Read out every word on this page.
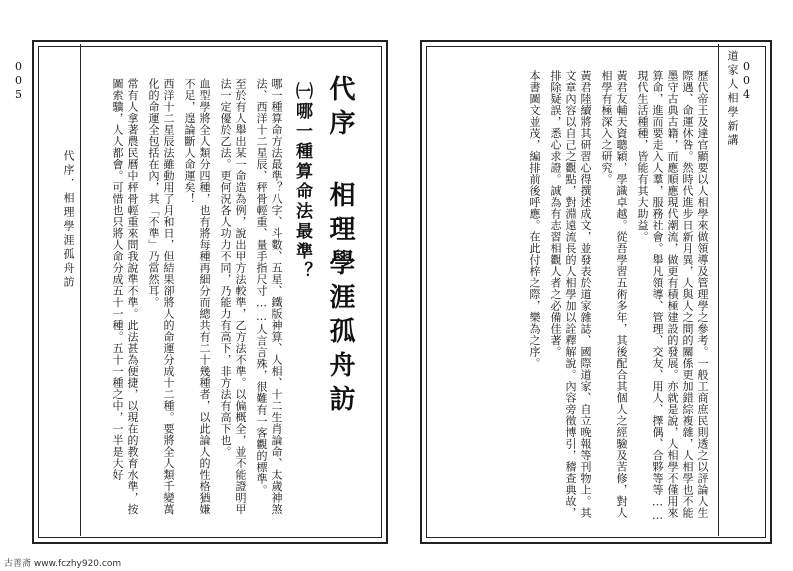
005
代序．相理學涯孤舟訪	代序 相理學涯孤舟訪
㈠哪一種算命法最準？

哪一種算命方法最準？八字、斗數、五星、鐵版神算、人相、十二生肖論命、太歲神煞法、西洋十二星辰、秤骨輕重、量手指尺寸……人言言殊，很難有一客觀的標準。

至於有人舉出某一命造為例，說出甲方法較準，乙方法不準。以偏概全，並不能證明甲法一定優於乙法。更何況各人功力不同，乃能力有高下，非方法有高下也。

血型學將全人類分四種，也有將每種再細分而總共有二十幾種者，以此論人的性格猶嫌不足，遑論斷人命運矣！

西洋十二星辰法雖動用了月和日，但結果卻將人的命運分成十二種。要將全人類千變萬化的命運全包括在內，其「不準」乃當然耳。

常有人拿著農民曆中秤骨輕重來問我說準不準。此法甚為便捷，以現在的教育水準，按圖索驥，人人都會。可惜也只將人命分成五十一種。五十一種之中，一半是大好	004
道家人相學新講

歷代帝王及達官顯要以人相學來做領導及管理學之參考。一般工商庶民則透之以評論人生際遇、命運休咎。然時代進步日新月異，人與人之間的關係更加錯綜複雜，人相學也不能墨守古典古籍，而應順應現代潮流，做更有積極建設的發展。亦就是說，人相學不僅用來算命，進而要走入人羣，服務社會。舉凡領導、管理、交友、用人、擇偶、合夥等等……現代生活種種，皆能有其大助益。

黃君友輔天資聰穎，學識卓越。從吾學習五術多年，其後配合其個人之經驗及苦修，對人相學有極深入之研究。

黃君陸續將其研習心得撰述成文，並發表於道家雜誌、國際道家、自立晚報等刊物上。其文章內容以自己之觀點，對淵遠流長的人相學加以詮釋解說。內容旁徵博引，稽查典故，排除疑誤，悉心求證。誠為有志習相觀人者之必備佳著。

本書圖文並茂，編排前後呼應。在此付梓之際，樂為之序。

古善斋 www.fczhy920.com
